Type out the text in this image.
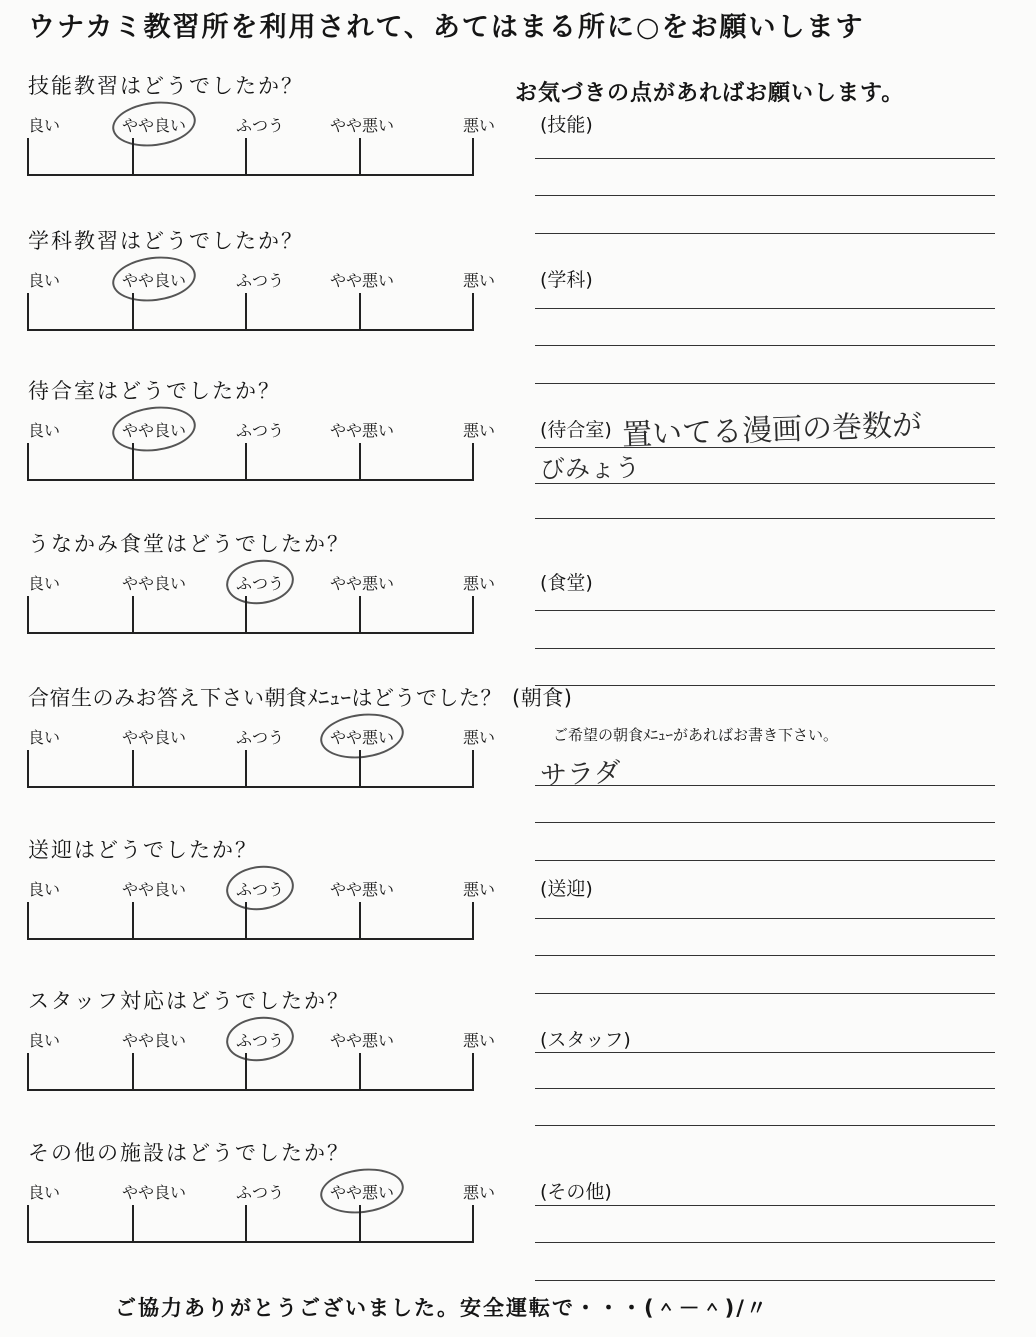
ウナカミ教習所を利用されて、あてはまる所に○をお願いします
お気づきの点があればお願いします。
技能教習はどうでしたか？
良い	やや良い	ふつう	やや悪い	悪い (技能)
学科教習はどうでしたか？
良い	やや良い	ふつう	やや悪い	悪い (学科)
待合室はどうでしたか？
良い	やや良い	ふつう	やや悪い	悪い (待合室) 置いてる漫画の巻数が
びみょう
うなかみ食堂はどうでしたか？
良い	やや良い	ふつう	やや悪い	悪い (食堂)
合宿生のみお答え下さい朝食ﾒﾆｭｰはどうでした？ (朝食)
良い	やや良い	ふつう	やや悪い	悪い	ご希望の朝食ﾒﾆｭｰがあればお書き下さい。
サラダ
送迎はどうでしたか？
良い	やや良い	ふつう	やや悪い	悪い (送迎)
スタッフ対応はどうでしたか？
良い	やや良い	ふつう	やや悪い	悪い (スタッフ)
その他の施設はどうでしたか？
良い	やや良い	ふつう	やや悪い	悪い (その他)
ご協力ありがとうございました。安全運転で・・・(＾－＾)/〃
